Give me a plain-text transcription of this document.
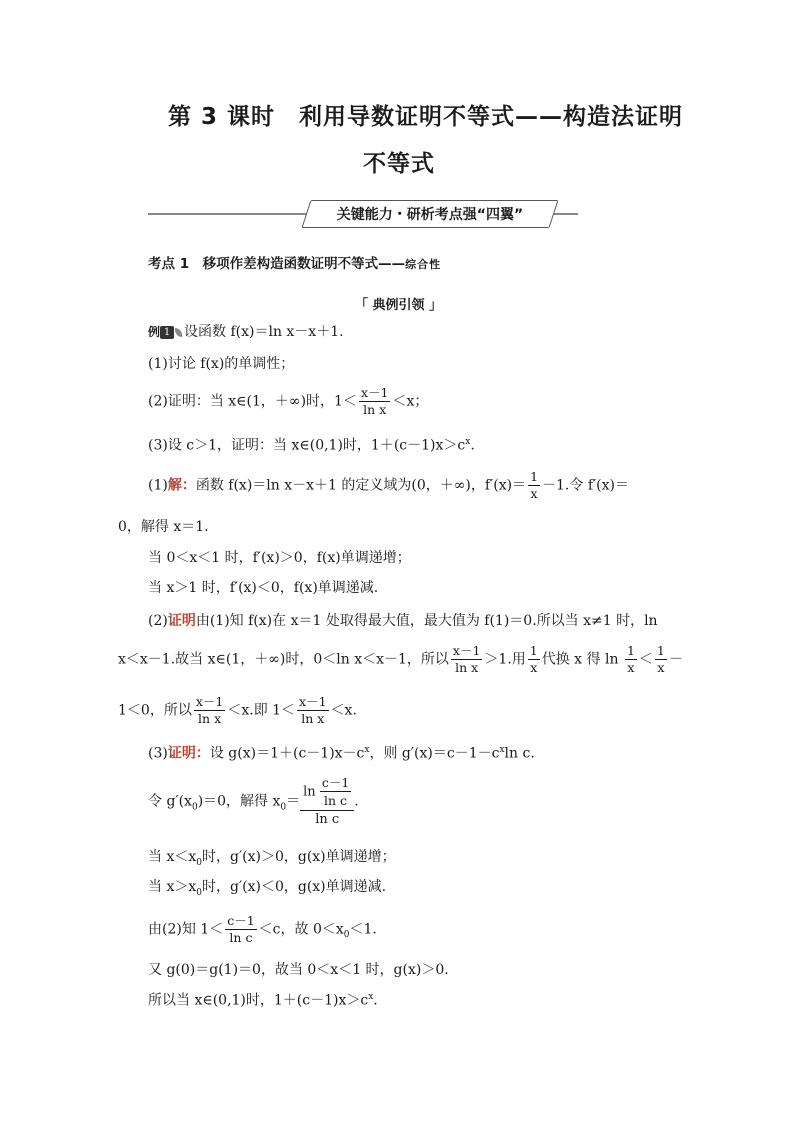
第 3 课时　利用导数证明不等式——构造法证明
不等式
关键能力・研析考点强“四翼”
考点 1　移项作差构造函数证明不等式——综合性
「 典例引领 」
例 1 设函数 f(x)＝ln x－x＋1.
(1)讨论 f(x)的单调性；
(2)证明：当 x∈(1，＋∞)时，$1< \frac{x-1}{\text{ln x}} <x$；
(3)设 c＞1，证明：当 x∈(0,1)时，$1+(c-1)x>c^x$.
(1)解：函数 f(x)＝ln x－x＋1 的定义域为(0，＋∞)，$f'(x)= \frac{1}{x} -1$.令 f′(x)＝
0，解得 x＝1.
当 0＜x＜1 时，f′(x)＞0，f(x)单调递增；
当 x＞1 时，f′(x)＜0，f(x)单调递减.
(2)证明由(1)知 f(x)在 x＝1 处取得最大值，最大值为 f(1)＝0.所以当 x≠1 时，ln
x＜x－1.故当 x∈(1，＋∞)时，0＜ln x＜x－1，所以 $\frac{x-1}{\text{ln x}} >1$.用 $\frac{1}{x}$ 代换 x 得 $\ln \frac{1}{x} < \frac{1}{x}$ －
1＜0，所以 $\frac{x-1}{\text{ln x}} <x$.即 $1< \frac{x-1}{\text{ln x}} <x$.
(3)证明：设 $g(x)=1+(c-1)x-c^x$，则 $g'(x)=c-1-c^x\ln$ c.
令 $g'(x_0)=0$，解得 $x_0= \frac{\ln \frac{c-1}{\text{ln c}}}{\text{ln c}}$ .
当 $x<x_0$时，g′(x)＞0，g(x)单调递增；
当 $x>x_0$时，g′(x)＜0，g(x)单调递减.
由(2)知 $1< \frac{c-1}{\text{ln c}} <c$，故 $0<x_0<1$.
又 g(0)＝g(1)＝0，故当 0＜x＜1 时，g(x)＞0.
所以当 x∈(0,1)时，$1+(c-1)x>c^x$.
